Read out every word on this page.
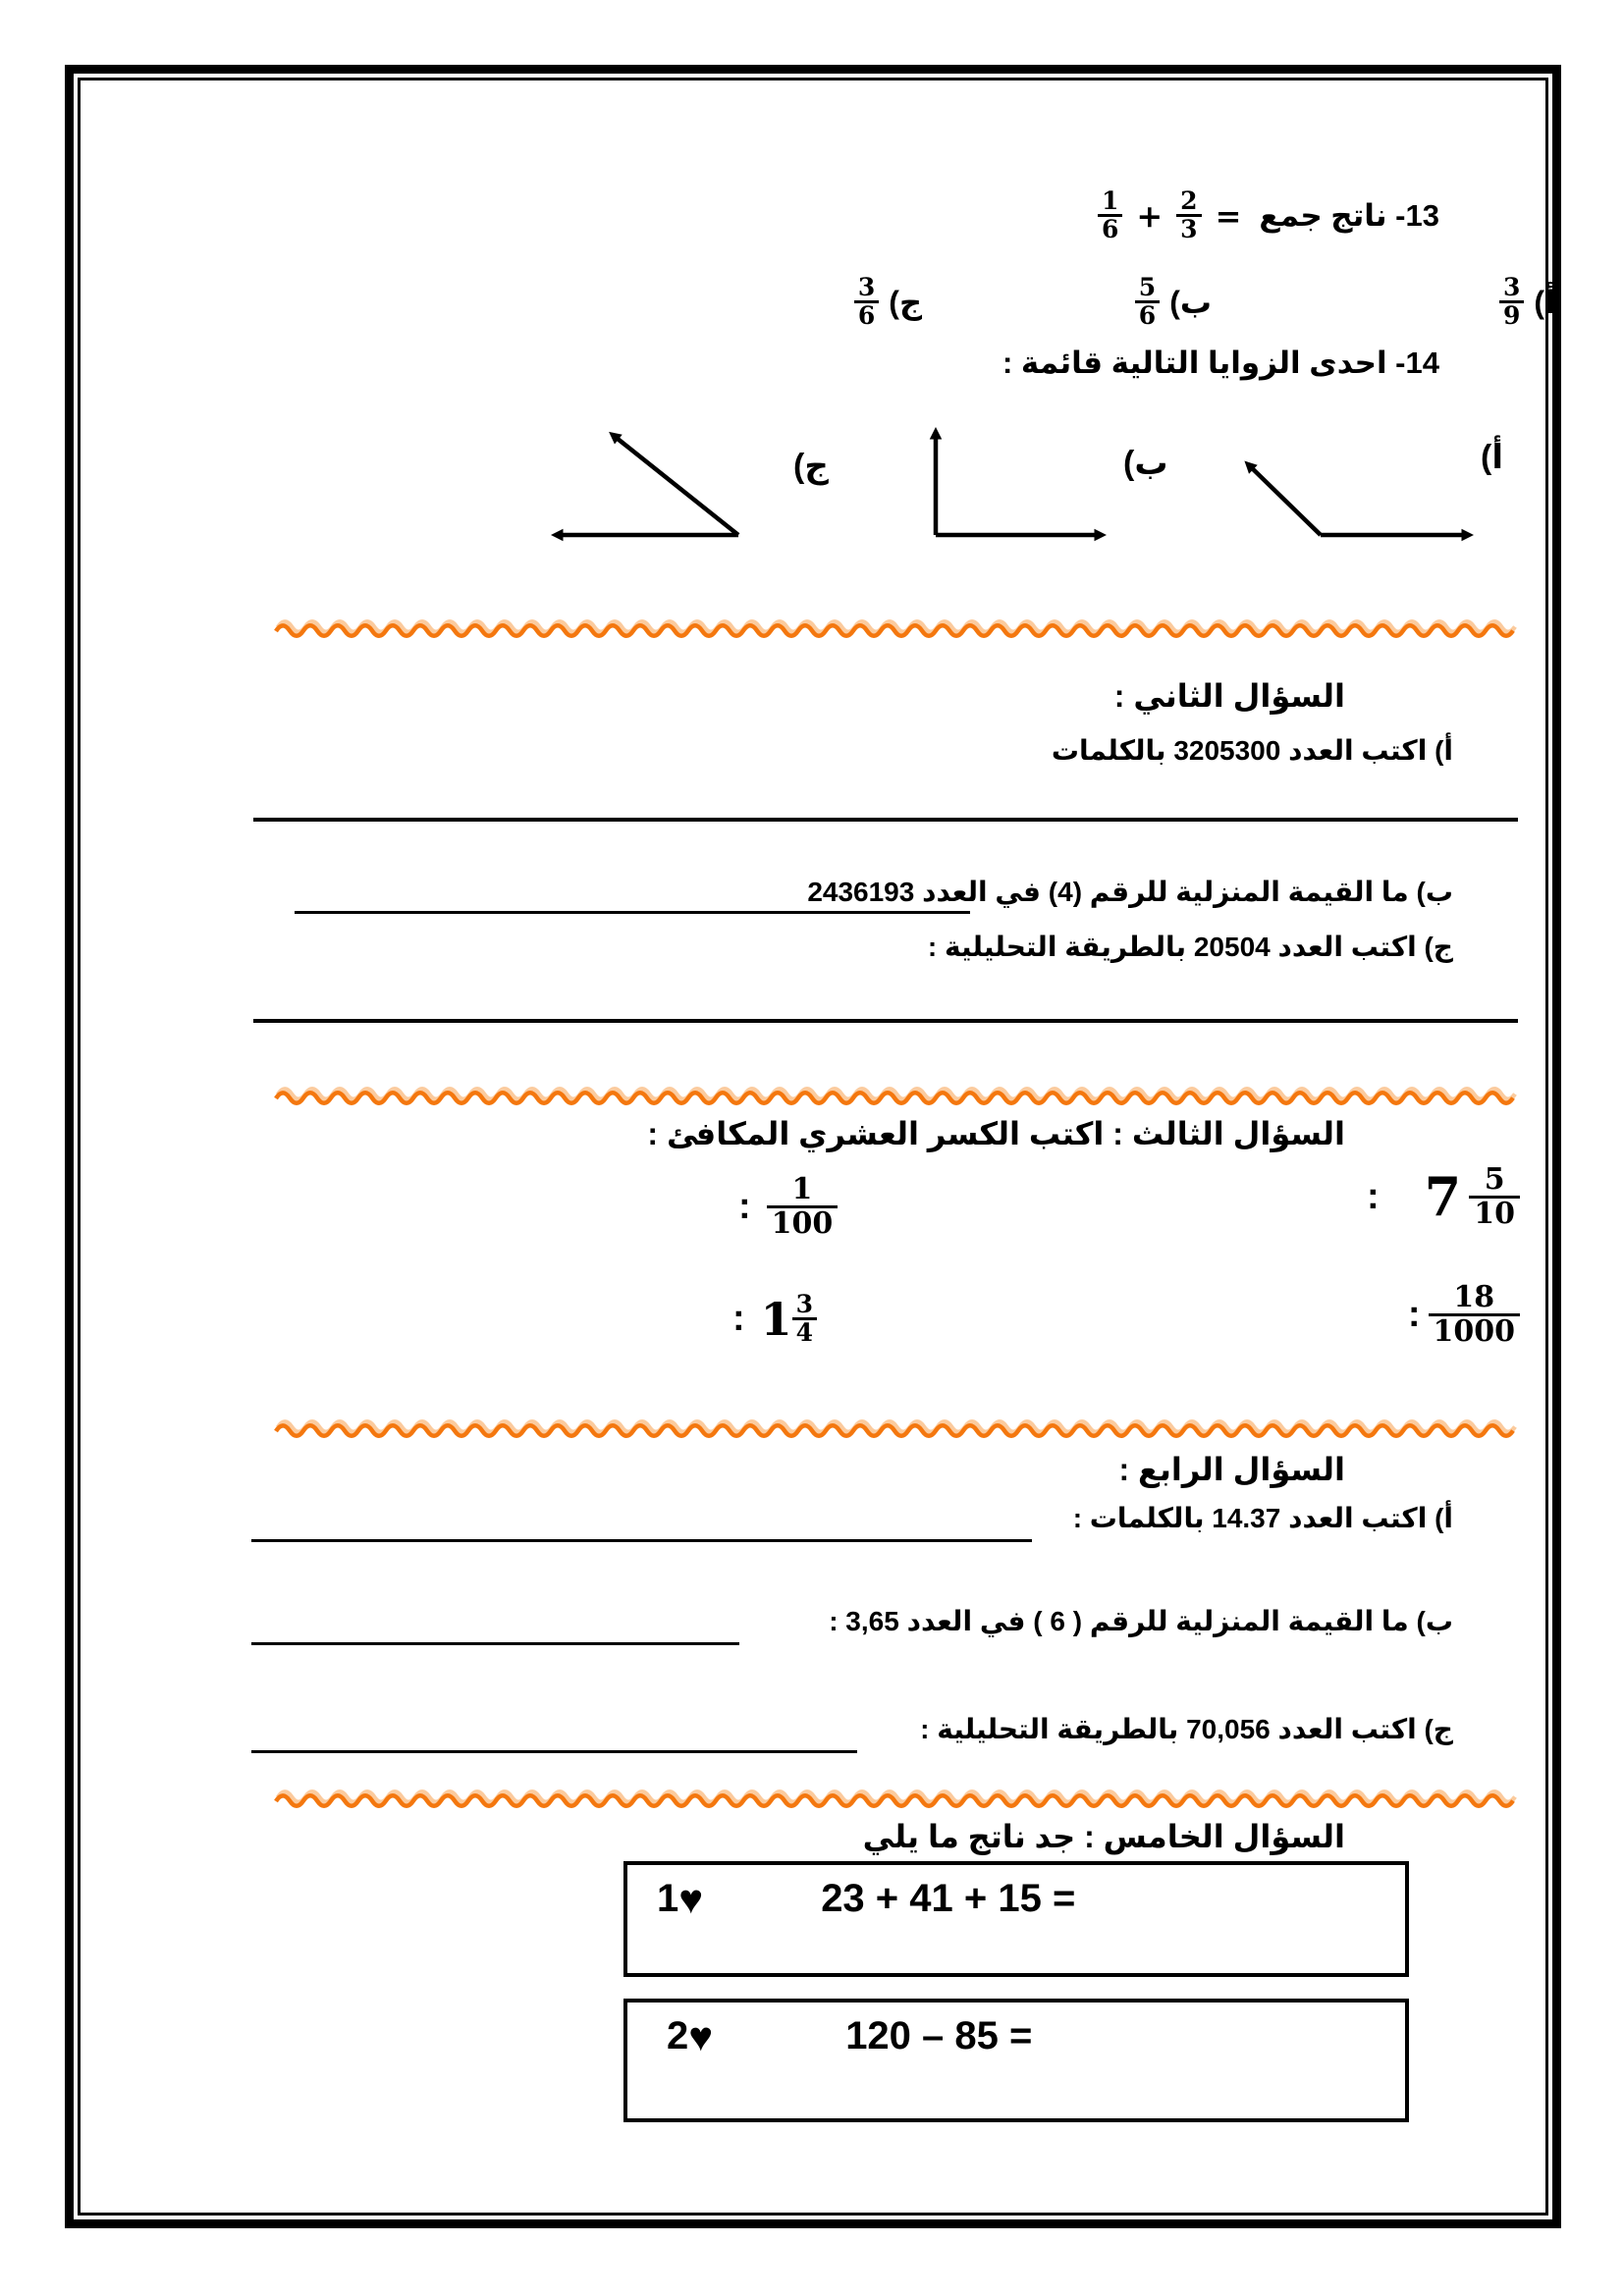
13- ناتج جمع
$\frac{1}{6} + \frac{2}{3}$ =
$\frac{3}{9}$ أ)
$\frac{5}{6}$ ب)
$\frac{3}{6}$ ج)
14- احدى الزوايا التالية قائمة :
أ)
ب)
ج)
السؤال الثاني :
أ) اكتب العدد 3205300 بالكلمات
ب) ما القيمة المنزلية للرقم (4) في العدد 2436193
ج) اكتب العدد 20504 بالطريقة التحليلية :
السؤال الثالث : اكتب الكسر العشري المكافئ :
: $7 \frac{5}{10}$
: $\frac{1}{100}$
: $\frac{18}{1000}$
: $1 \frac{3}{4}$
السؤال الرابع :
أ) اكتب العدد 14.37 بالكلمات :
ب) ما القيمة المنزلية للرقم ( 6 ) في العدد 3,65 :
ج) اكتب العدد 70,056 بالطريقة التحليلية :
السؤال الخامس : جد ناتج ما يلي
1 ♥	23 + 41 + 15 =
2 ♥	120 – 85 =
